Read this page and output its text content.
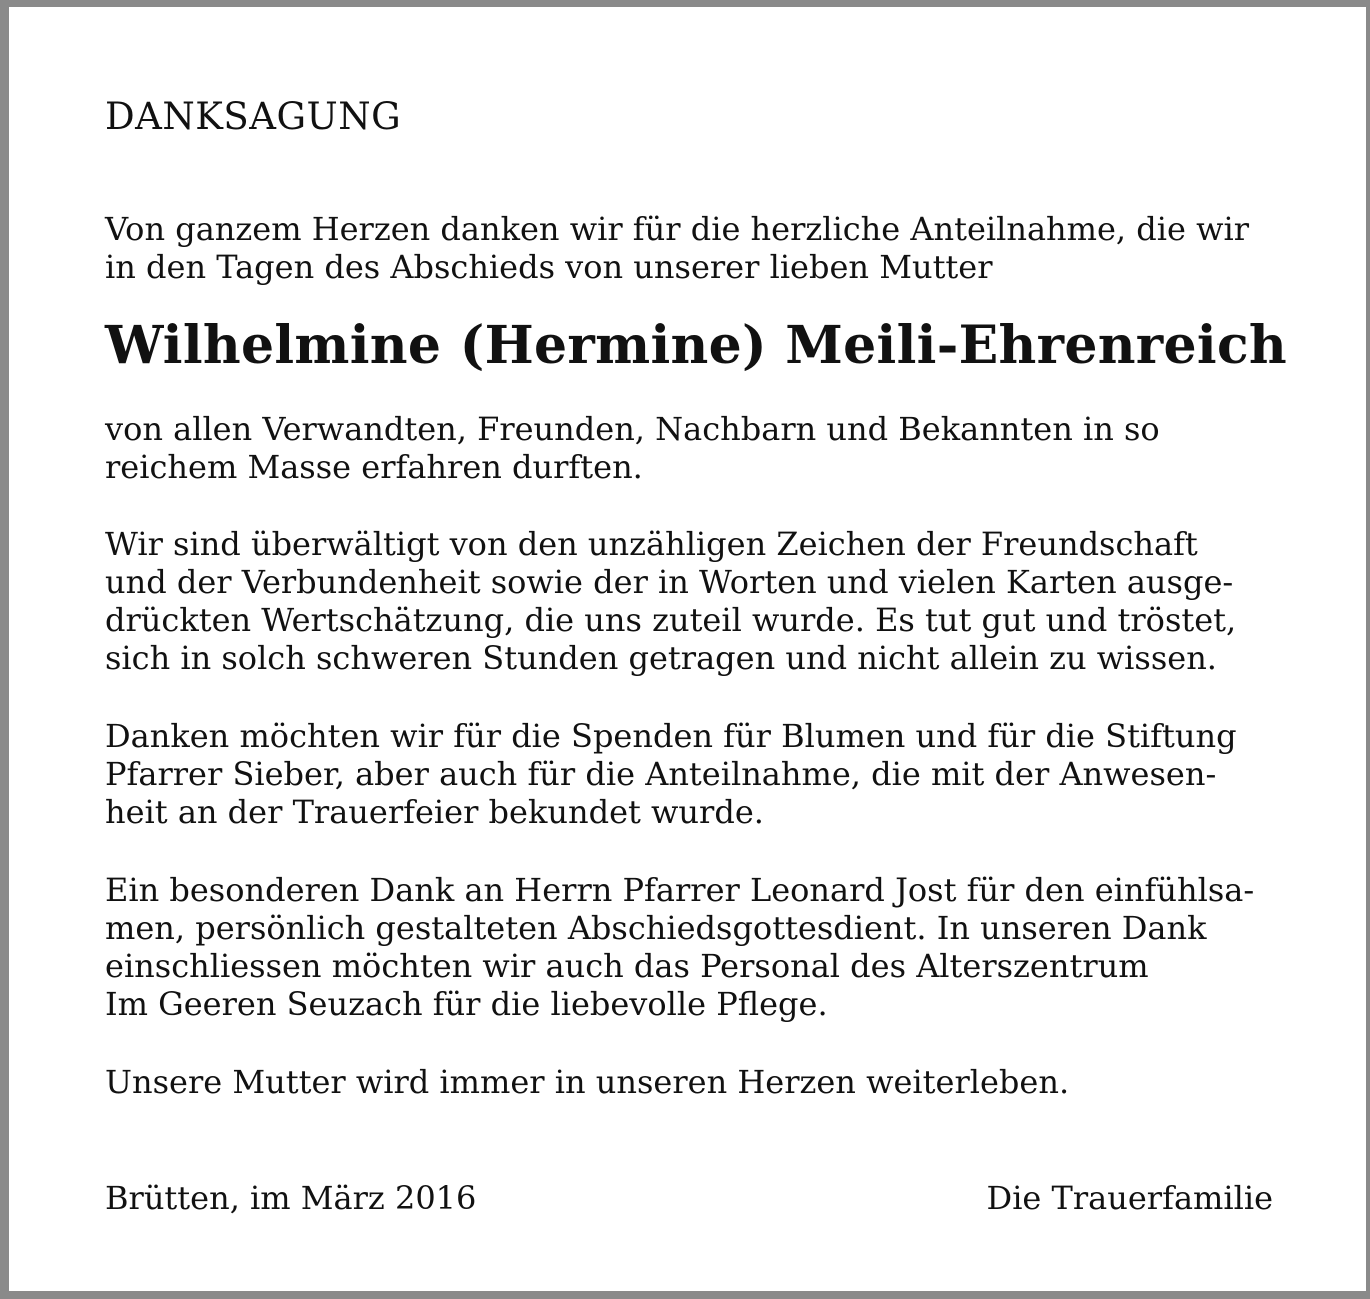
DANKSAGUNG

Von ganzem Herzen danken wir für die herzliche Anteilnahme, die wir
in den Tagen des Abschieds von unserer lieben Mutter

Wilhelmine (Hermine) Meili-Ehrenreich

von allen Verwandten, Freunden, Nachbarn und Bekannten in so
reichem Masse erfahren durften.

Wir sind überwältigt von den unzähligen Zeichen der Freundschaft
und der Verbundenheit sowie der in Worten und vielen Karten ausge-
drückten Wertschätzung, die uns zuteil wurde. Es tut gut und tröstet,
sich in solch schweren Stunden getragen und nicht allein zu wissen.

Danken möchten wir für die Spenden für Blumen und für die Stiftung
Pfarrer Sieber, aber auch für die Anteilnahme, die mit der Anwesen-
heit an der Trauerfeier bekundet wurde.

Ein besonderen Dank an Herrn Pfarrer Leonard Jost für den einfühlsa-
men, persönlich gestalteten Abschiedsgottesdient. In unseren Dank
einschliessen möchten wir auch das Personal des Alterszentrum
Im Geeren Seuzach für die liebevolle Pflege.

Unsere Mutter wird immer in unseren Herzen weiterleben.

Brütten, im März 2016	Die Trauerfamilie
